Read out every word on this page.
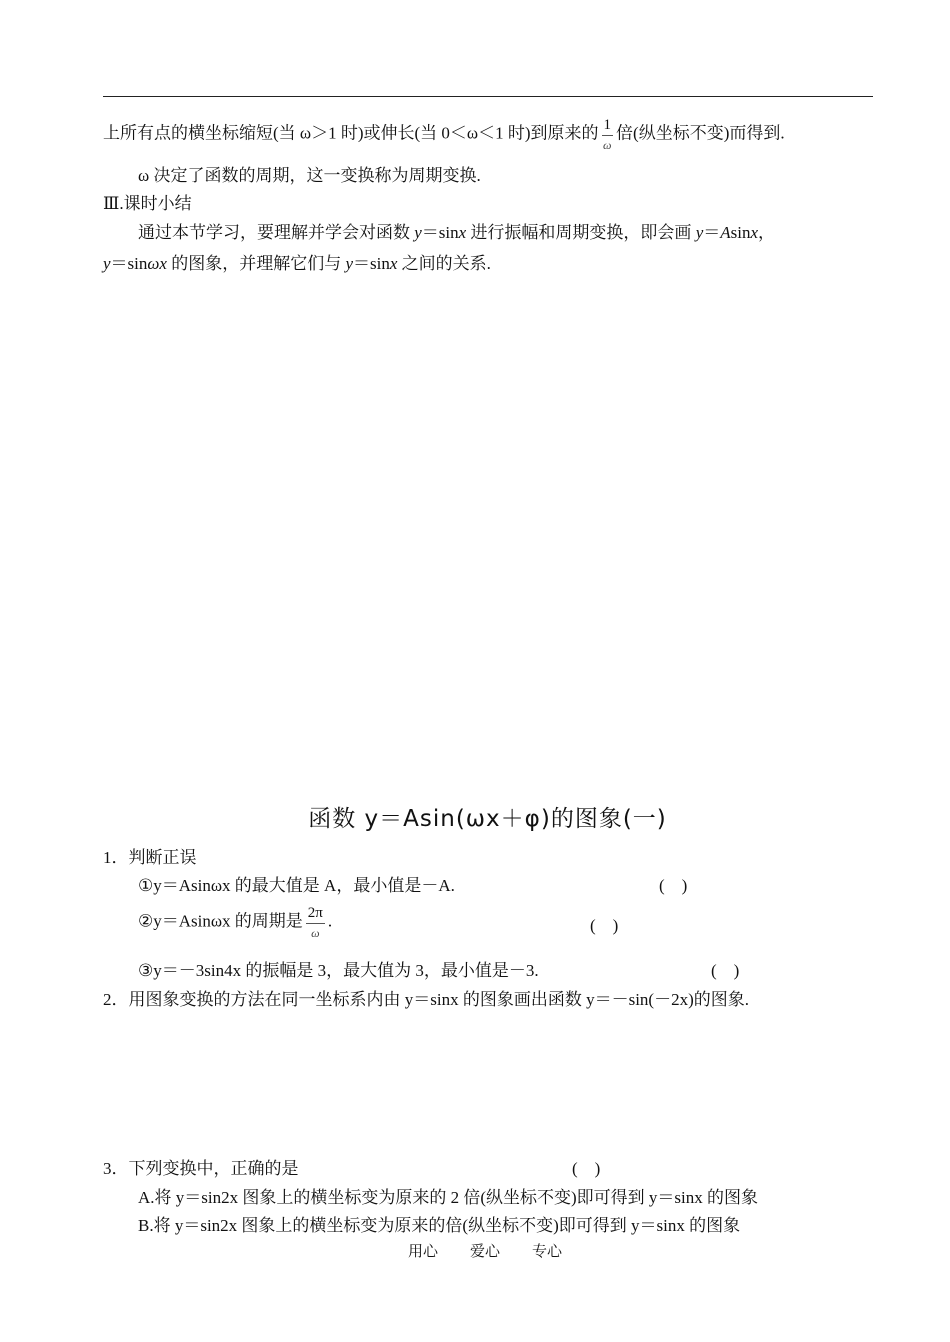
上所有点的横坐标缩短(当 ω＞1 时)或伸长(当 0＜ω＜1 时)到原来的 $\frac{1}{\omega}$ 倍(纵坐标不变)而得到.
ω 决定了函数的周期，这一变换称为周期变换.
Ⅲ.课时小结
通过本节学习，要理解并学会对函数 y＝sinx 进行振幅和周期变换，即会画 y＝Asinx，
y＝sinωx 的图象，并理解它们与 y＝sinx 之间的关系.
函数 y＝Asin(ωx＋φ)的图象(一)
1．判断正误
①y＝Asinωx 的最大值是 A，最小值是－A.	(    )
②y＝Asinωx 的周期是 $\frac{2\pi}{\omega}$ .	(    )
③y＝－3sin4x 的振幅是 3，最大值为 3，最小值是－3.	(    )
2．用图象变换的方法在同一坐标系内由 y＝sinx 的图象画出函数 y＝－sin(－2x)的图象.
3．下列变换中，正确的是	(    )
A.将 y＝sin2x 图象上的横坐标变为原来的 2 倍(纵坐标不变)即可得到 y＝sinx 的图象
B.将 y＝sin2x 图象上的横坐标变为原来的倍(纵坐标不变)即可得到 y＝sinx 的图象
用心 爱心 专心
